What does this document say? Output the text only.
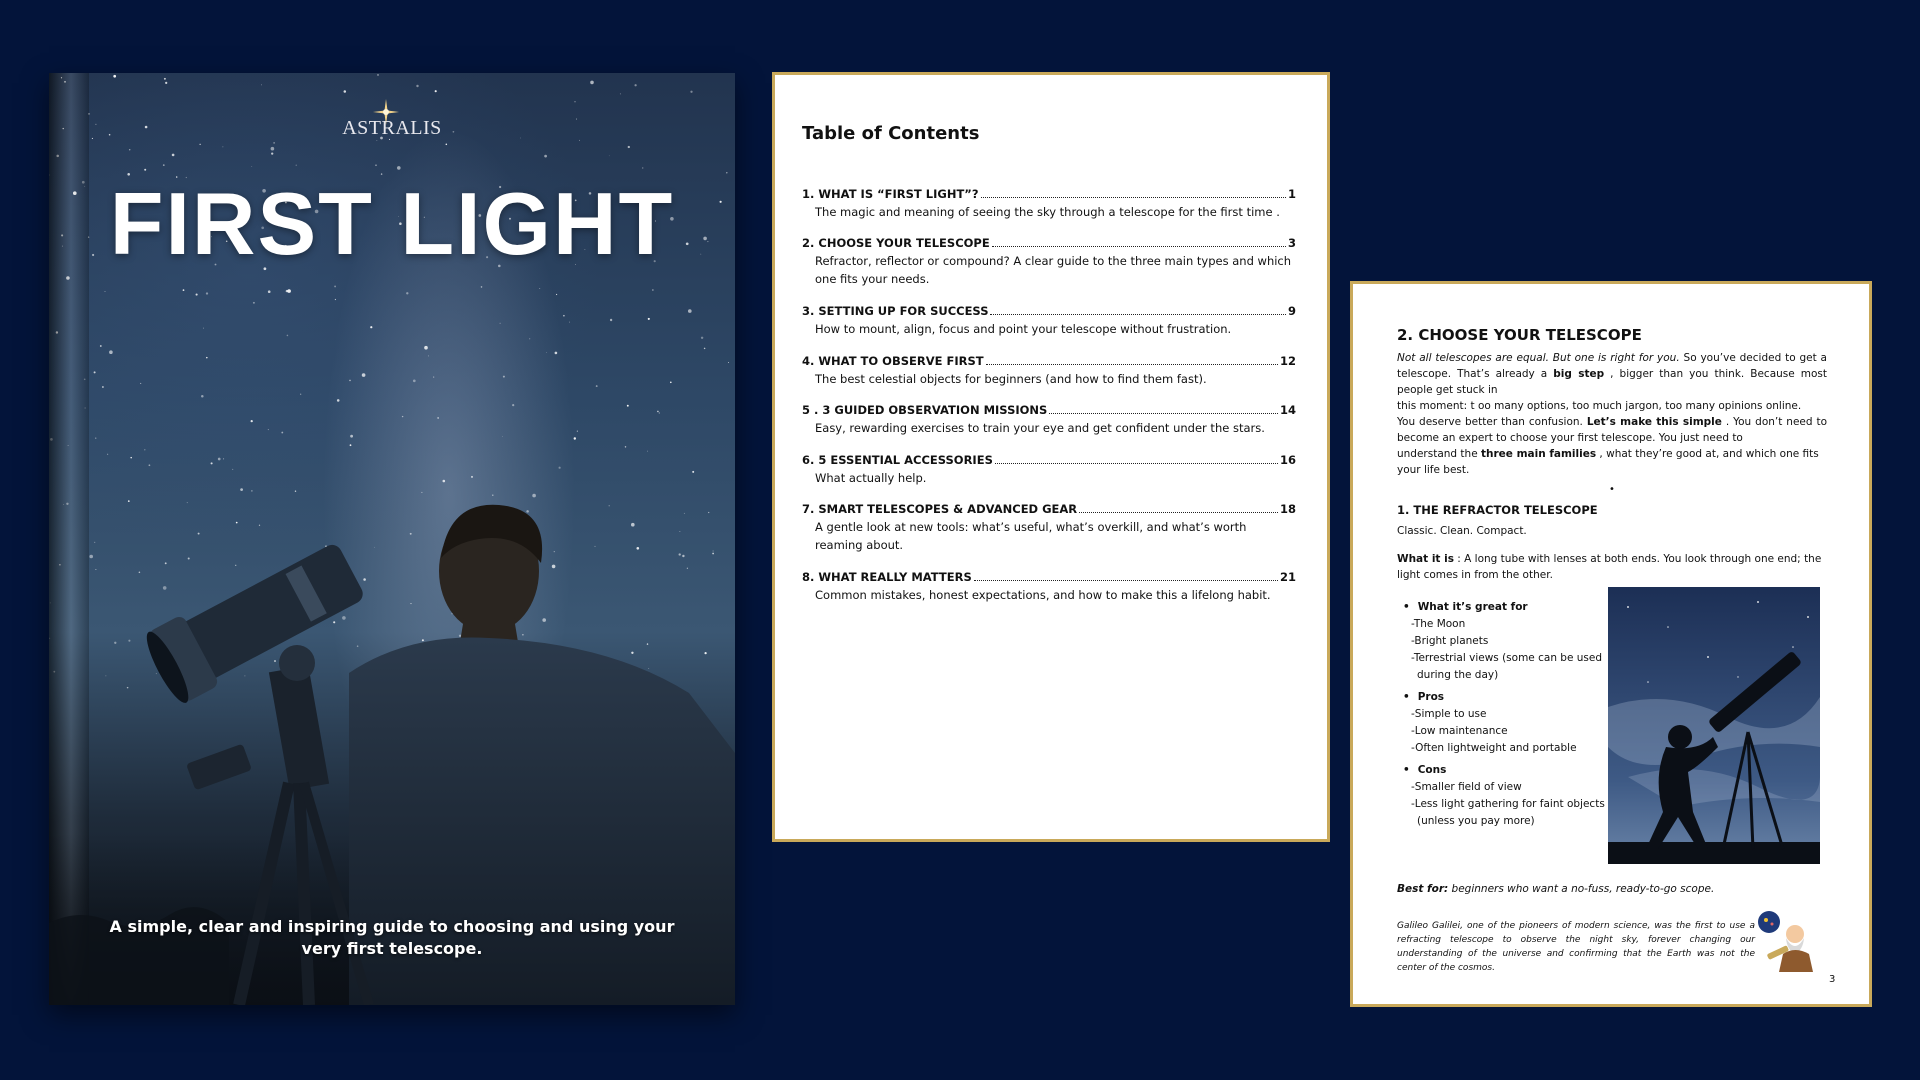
ASTRALIS
FIRST LIGHT
A simple, clear and inspiring guide to choosing and using your very first telescope.
Table of Contents
1. WHAT IS “FIRST LIGHT”?	1
The magic and meaning of seeing the sky through a telescope for the first time .
2. CHOOSE YOUR TELESCOPE	3
Refractor, reflector or compound? A clear guide to the three main types and which one fits your needs.
3. SETTING UP FOR SUCCESS	9
How to mount, align, focus and point your telescope without frustration.
4. WHAT TO OBSERVE FIRST	12
The best celestial objects for beginners (and how to find them fast).
5 . 3 GUIDED OBSERVATION MISSIONS	14
Easy, rewarding exercises to train your eye and get confident under the stars.
6. 5 ESSENTIAL ACCESSORIES	16
What actually help.
7. SMART TELESCOPES & ADVANCED GEAR	18
A gentle look at new tools: what’s useful, what’s overkill, and what’s worth reaming about.
8. WHAT REALLY MATTERS	21
Common mistakes, honest expectations, and how to make this a lifelong habit.
2. CHOOSE YOUR TELESCOPE

Not all telescopes are equal. But one is right for you. So you’ve decided to get a telescope. That’s already a big step , bigger than you think. Because most people get stuck in

this moment: t oo many options, too much jargon, too many opinions online.

You deserve better than confusion. Let’s make this simple . You don’t need to become an expert to choose your first telescope. You just need to

understand the three main families , what they’re good at, and which one fits your life best.

•
1. THE REFRACTOR TELESCOPE
Classic. Clean. Compact.
What it is : A long tube with lenses at both ends. You look through one end; the light comes in from the other.
• What it’s great for
-The Moon
-Bright planets
-Terrestrial views (some can be used
during the day)
• Pros
-Simple to use
-Low maintenance
-Often lightweight and portable
• Cons
-Smaller field of view
-Less light gathering for faint objects
(unless you pay more)
Best for: beginners who want a no-fuss, ready-to-go scope.
Galileo Galilei, one of the pioneers of modern science, was the first to use a refracting telescope to observe the night sky, forever changing our understanding of the universe and confirming that the Earth was not the center of the cosmos.
3
